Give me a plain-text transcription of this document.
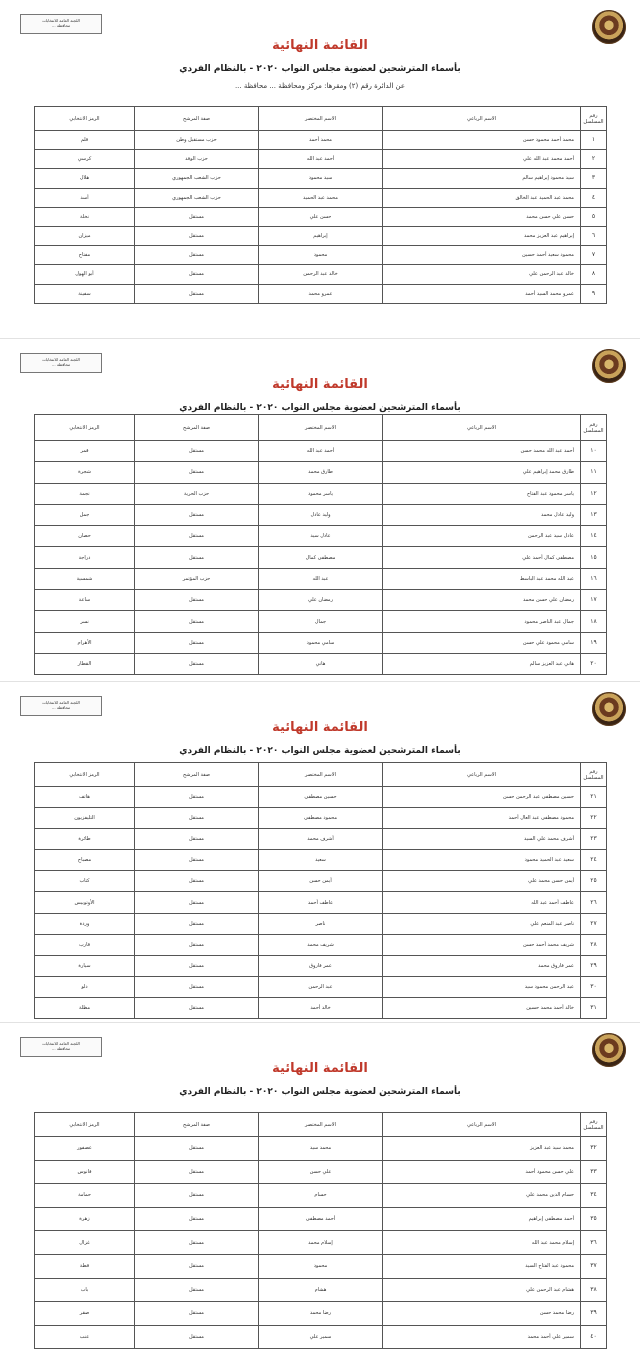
اللجنة العامة للانتخابات
محافظة ...
القائمة النهائية
بأسماء المترشحين لعضوية مجلس النواب ٢٠٢٠ - بالنظام الفردي
عن الدائرة رقم (٢) ومقرها: مركز ومحافظة ... محافظة ...
رقم المسلسل	الاسم الرباعي	الاسم المختصر	صفة المرشح	الرمز الانتخابي
١	محمد أحمد محمود حسن	محمد أحمد	حزب مستقبل وطن	قلم
٢	أحمد محمد عبد الله علي	أحمد عبد الله	حزب الوفد	كرسي
٣	سيد محمود إبراهيم سالم	سيد محمود	حزب الشعب الجمهوري	هلال
٤	محمد عبد الحميد عبد الخالق	محمد عبد الحميد	حزب الشعب الجمهوري	أسد
٥	حسن علي حسن محمد	حسن علي	مستقل	نخلة
٦	إبراهيم عبد العزيز محمد	إبراهيم	مستقل	ميزان
٧	محمود سعيد أحمد حسين	محمود	مستقل	مفتاح
٨	خالد عبد الرحمن علي	خالد عبد الرحمن	مستقل	أبو الهول
٩	عمرو محمد السيد أحمد	عمرو محمد	مستقل	سفينة
اللجنة العامة للانتخابات
محافظة ...
القائمة النهائية
بأسماء المترشحين لعضوية مجلس النواب ٢٠٢٠ - بالنظام الفردي
رقم المسلسل	الاسم الرباعي	الاسم المختصر	صفة المرشح	الرمز الانتخابي
١٠	أحمد عبد الله محمد حسن	أحمد عبد الله	مستقل	قمر
١١	طارق محمد إبراهيم علي	طارق محمد	مستقل	شجرة
١٢	ياسر محمود عبد الفتاح	ياسر محمود	حزب الحرية	نجمة
١٣	وليد عادل محمد	وليد عادل	مستقل	جمل
١٤	عادل سيد عبد الرحمن	عادل سيد	مستقل	حصان
١٥	مصطفى كمال أحمد علي	مصطفى كمال	مستقل	دراجة
١٦	عبد الله محمد عبد الباسط	عبد الله	حزب المؤتمر	شمسية
١٧	رمضان علي حسن محمد	رمضان علي	مستقل	ساعة
١٨	جمال عبد الناصر محمود	جمال	مستقل	نسر
١٩	سامي محمود علي حسن	سامي محمود	مستقل	الأهرام
٢٠	هاني عبد العزيز سالم	هاني	مستقل	القطار
اللجنة العامة للانتخابات
محافظة ...
القائمة النهائية
بأسماء المترشحين لعضوية مجلس النواب ٢٠٢٠ - بالنظام الفردي
رقم المسلسل	الاسم الرباعي	الاسم المختصر	صفة المرشح	الرمز الانتخابي
٢١	حسين مصطفى عبد الرحمن حسن	حسين مصطفى	مستقل	هاتف
٢٢	محمود مصطفى عبد العال أحمد	محمود مصطفى	مستقل	التليفزيون
٢٣	أشرف محمد علي السيد	أشرف محمد	مستقل	طائرة
٢٤	سعيد عبد الحميد محمود	سعيد	مستقل	مصباح
٢٥	أيمن حسن محمد علي	أيمن حسن	مستقل	كتاب
٢٦	عاطف أحمد عبد الله	عاطف أحمد	مستقل	الأوتوبيس
٢٧	ناصر عبد المنعم علي	ناصر	مستقل	وردة
٢٨	شريف محمد أحمد حسن	شريف محمد	مستقل	قارب
٢٩	عمر فاروق محمد	عمر فاروق	مستقل	سيارة
٣٠	عبد الرحمن محمود سيد	عبد الرحمن	مستقل	دلو
٣١	خالد أحمد محمد حسين	خالد أحمد	مستقل	مظلة
اللجنة العامة للانتخابات
محافظة ...
القائمة النهائية
بأسماء المترشحين لعضوية مجلس النواب ٢٠٢٠ - بالنظام الفردي
رقم المسلسل	الاسم الرباعي	الاسم المختصر	صفة المرشح	الرمز الانتخابي
٣٢	محمد سيد عبد العزيز	محمد سيد	مستقل	عصفور
٣٣	علي حسن محمود أحمد	علي حسن	مستقل	فانوس
٣٤	حسام الدين محمد علي	حسام	مستقل	حمامة
٣٥	أحمد مصطفى إبراهيم	أحمد مصطفى	مستقل	زهرة
٣٦	إسلام محمد عبد الله	إسلام محمد	مستقل	غزال
٣٧	محمود عبد الفتاح السيد	محمود	مستقل	قطة
٣٨	هشام عبد الرحمن علي	هشام	مستقل	باب
٣٩	رضا محمد حسن	رضا محمد	مستقل	صقر
٤٠	سمير علي أحمد محمد	سمير علي	مستقل	عنب
